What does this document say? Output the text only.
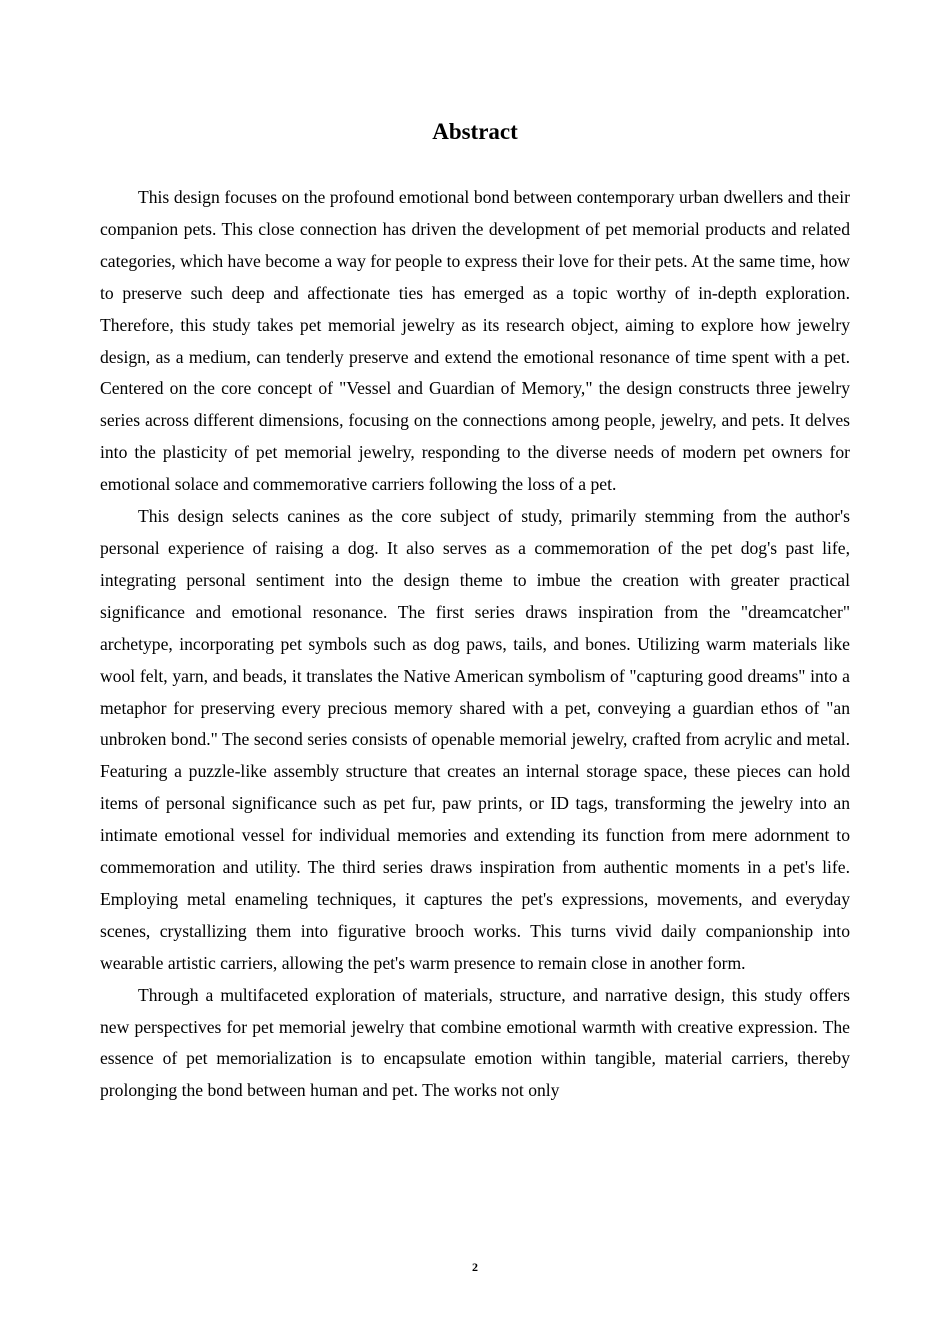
Abstract

This design focuses on the profound emotional bond between contemporary urban dwellers and their companion pets. This close connection has driven the development of pet memorial products and related categories, which have become a way for people to express their love for their pets. At the same time, how to preserve such deep and affectionate ties has emerged as a topic worthy of in-depth exploration. Therefore, this study takes pet memorial jewelry as its research object, aiming to explore how jewelry design, as a medium, can tenderly preserve and extend the emotional resonance of time spent with a pet. Centered on the core concept of "Vessel and Guardian of Memory," the design constructs three jewelry series across different dimensions, focusing on the connections among people, jewelry, and pets. It delves into the plasticity of pet memorial jewelry, responding to the diverse needs of modern pet owners for emotional solace and commemorative carriers following the loss of a pet.

This design selects canines as the core subject of study, primarily stemming from the author's personal experience of raising a dog. It also serves as a commemoration of the pet dog's past life, integrating personal sentiment into the design theme to imbue the creation with greater practical significance and emotional resonance. The first series draws inspiration from the "dreamcatcher" archetype, incorporating pet symbols such as dog paws, tails, and bones. Utilizing warm materials like wool felt, yarn, and beads, it translates the Native American symbolism of "capturing good dreams" into a metaphor for preserving every precious memory shared with a pet, conveying a guardian ethos of "an unbroken bond." The second series consists of openable memorial jewelry, crafted from acrylic and metal. Featuring a puzzle-like assembly structure that creates an internal storage space, these pieces can hold items of personal significance such as pet fur, paw prints, or ID tags, transforming the jewelry into an intimate emotional vessel for individual memories and extending its function from mere adornment to commemoration and utility. The third series draws inspiration from authentic moments in a pet's life. Employing metal enameling techniques, it captures the pet's expressions, movements, and everyday scenes, crystallizing them into figurative brooch works. This turns vivid daily companionship into wearable artistic carriers, allowing the pet's warm presence to remain close in another form.

Through a multifaceted exploration of materials, structure, and narrative design, this study offers new perspectives for pet memorial jewelry that combine emotional warmth with creative expression. The essence of pet memorialization is to encapsulate emotion within tangible, material carriers, thereby prolonging the bond between human and pet. The works not only

2
